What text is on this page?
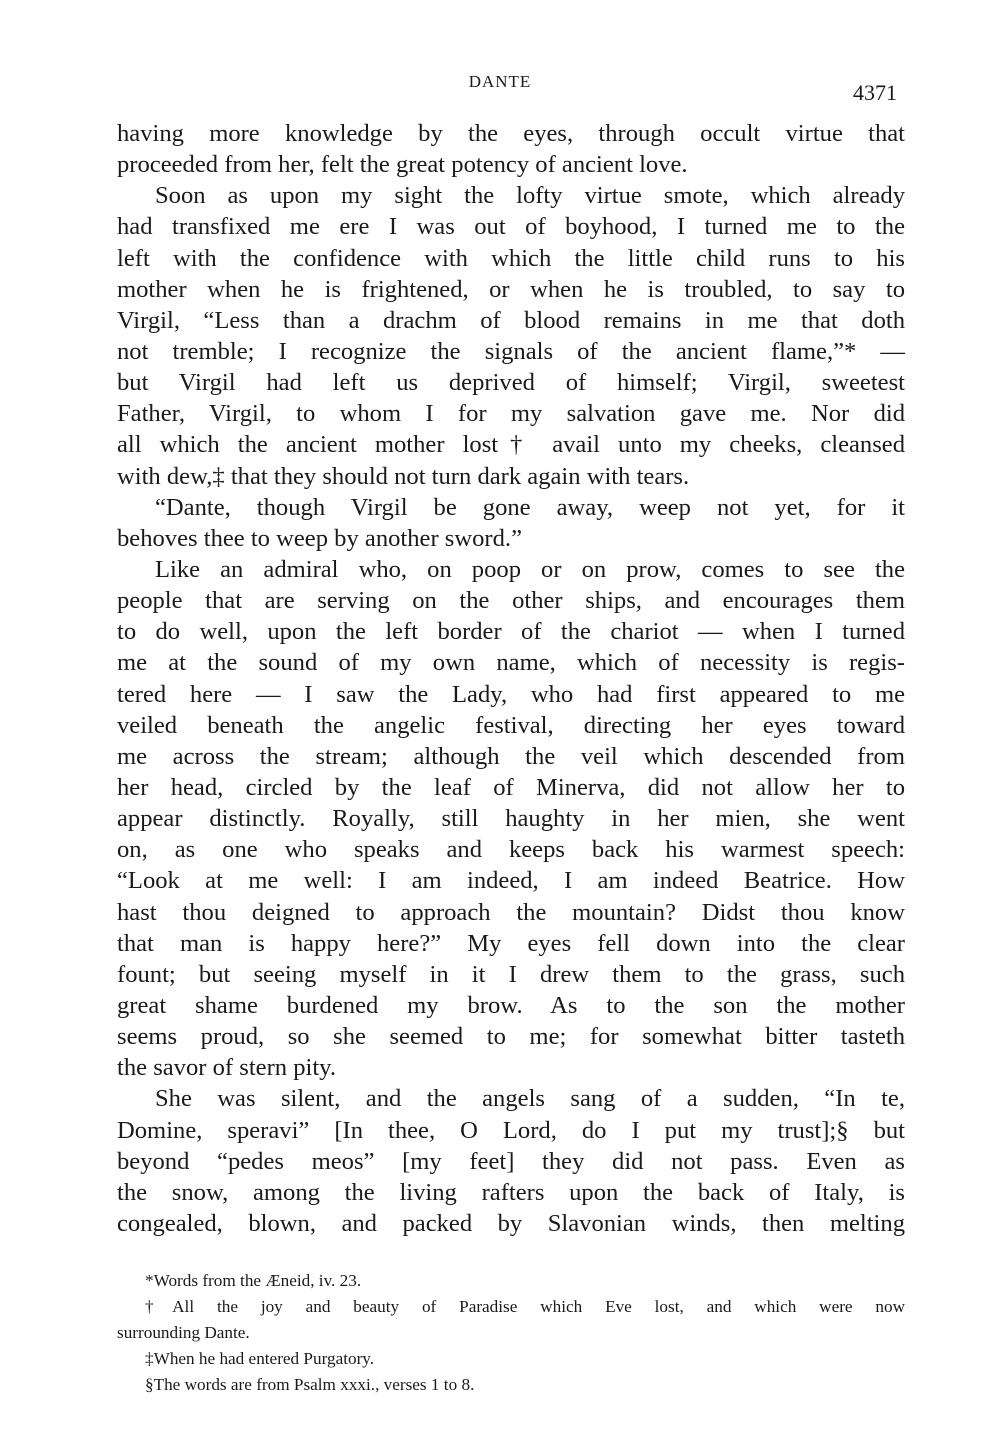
DANTE	4371
having more knowledge by the eyes, through occult virtue that
proceeded from her, felt the great potency of ancient love.
Soon as upon my sight the lofty virtue smote, which already
had transfixed me ere I was out of boyhood, I turned me to the
left with the confidence with which the little child runs to his
mother when he is frightened, or when he is troubled, to say to
Virgil, “Less than a drachm of blood remains in me that doth
not tremble; I recognize the signals of the ancient flame,”* —
but Virgil had left us deprived of himself; Virgil, sweetest
Father, Virgil, to whom I for my salvation gave me. Nor did
all which the ancient mother lost† avail unto my cheeks, cleansed
with dew,‡ that they should not turn dark again with tears.
“Dante, though Virgil be gone away, weep not yet, for it
behoves thee to weep by another sword.”
Like an admiral who, on poop or on prow, comes to see the
people that are serving on the other ships, and encourages them
to do well, upon the left border of the chariot — when I turned
me at the sound of my own name, which of necessity is regis-
tered here — I saw the Lady, who had first appeared to me
veiled beneath the angelic festival, directing her eyes toward
me across the stream; although the veil which descended from
her head, circled by the leaf of Minerva, did not allow her to
appear distinctly. Royally, still haughty in her mien, she went
on, as one who speaks and keeps back his warmest speech:
“Look at me well: I am indeed, I am indeed Beatrice. How
hast thou deigned to approach the mountain? Didst thou know
that man is happy here?” My eyes fell down into the clear
fount; but seeing myself in it I drew them to the grass, such
great shame burdened my brow. As to the son the mother
seems proud, so she seemed to me; for somewhat bitter tasteth
the savor of stern pity.
She was silent, and the angels sang of a sudden, “In te,
Domine, speravi” [In thee, O Lord, do I put my trust];§ but
beyond “pedes meos” [my feet] they did not pass. Even as
the snow, among the living rafters upon the back of Italy, is
congealed, blown, and packed by Slavonian winds, then melting
*Words from the Æneid, iv. 23.
†All the joy and beauty of Paradise which Eve lost, and which were now
surrounding Dante.
‡When he had entered Purgatory.
§The words are from Psalm xxxi., verses 1 to 8.
